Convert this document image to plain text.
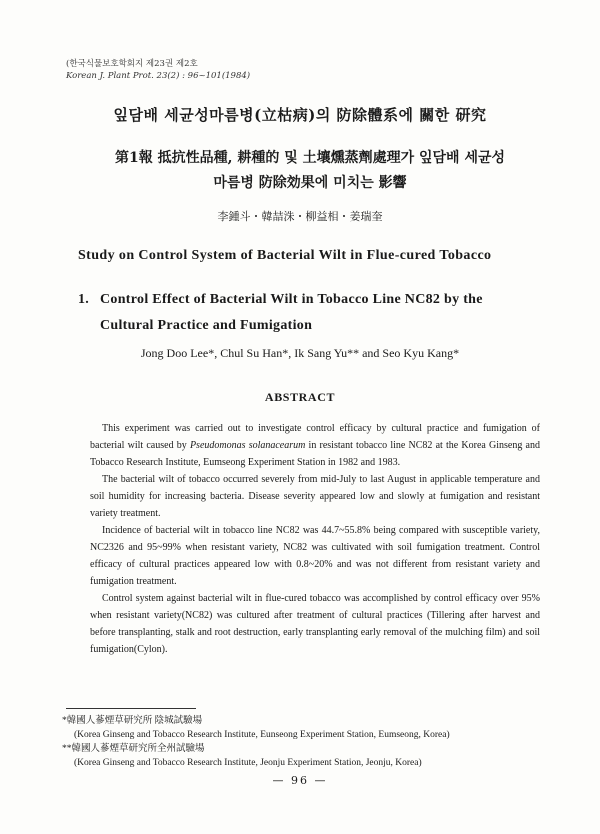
(한국식물보호학회지 제23권 제2호
Korean J. Plant Prot. 23(2) : 96~101(1984)
잎담배 세균성마름병(立枯病)의 防除體系에 關한 研究
第1報 抵抗性品種, 耕種的 및 土壤燻蒸劑處理가 잎담배 세균성
마름병 防除効果에 미치는 影響
李鍾斗・韓喆洙・柳益相・姜瑞奎
Study on Control System of Bacterial Wilt in Flue-cured Tobacco
1. Control Effect of Bacterial Wilt in Tobacco Line NC82 by the
Cultural Practice and Fumigation
Jong Doo Lee*, Chul Su Han*, Ik Sang Yu** and Seo Kyu Kang*
ABSTRACT

This experiment was carried out to investigate control efficacy by cultural practice and fumigation of bacterial wilt caused by Pseudomonas solanacearum in resistant tobacco line NC82 at the Korea Ginseng and Tobacco Research Institute, Eumseong Experiment Station in 1982 and 1983.

The bacterial wilt of tobacco occurred severely from mid-July to last August in applicable temperature and soil humidity for increasing bacteria. Disease severity appeared low and slowly at fumigation and resistant variety treatment.

Incidence of bacterial wilt in tobacco line NC82 was 44.7~55.8% being compared with susceptible variety, NC2326 and 95~99% when resistant variety, NC82 was cultivated with soil fumigation treatment. Control efficacy of cultural practices appeared low with 0.8~20% and was not different from resistant variety and fumigation treatment.

Control system against bacterial wilt in flue-cured tobacco was accomplished by control efficacy over 95% when resistant variety(NC82) was cultured after treatment of cultural practices (Tillering after harvest and before transplanting, stalk and root destruction, early transplanting early removal of the mulching film) and soil fumigation(Cylon).

*韓國人蔘煙草研究所 陰城試驗場
(Korea Ginseng and Tobacco Research Institute, Eunseong Experiment Station, Eumseong, Korea)
**韓國人蔘煙草研究所全州試驗場
(Korea Ginseng and Tobacco Research Institute, Jeonju Experiment Station, Jeonju, Korea)
— 96 —
